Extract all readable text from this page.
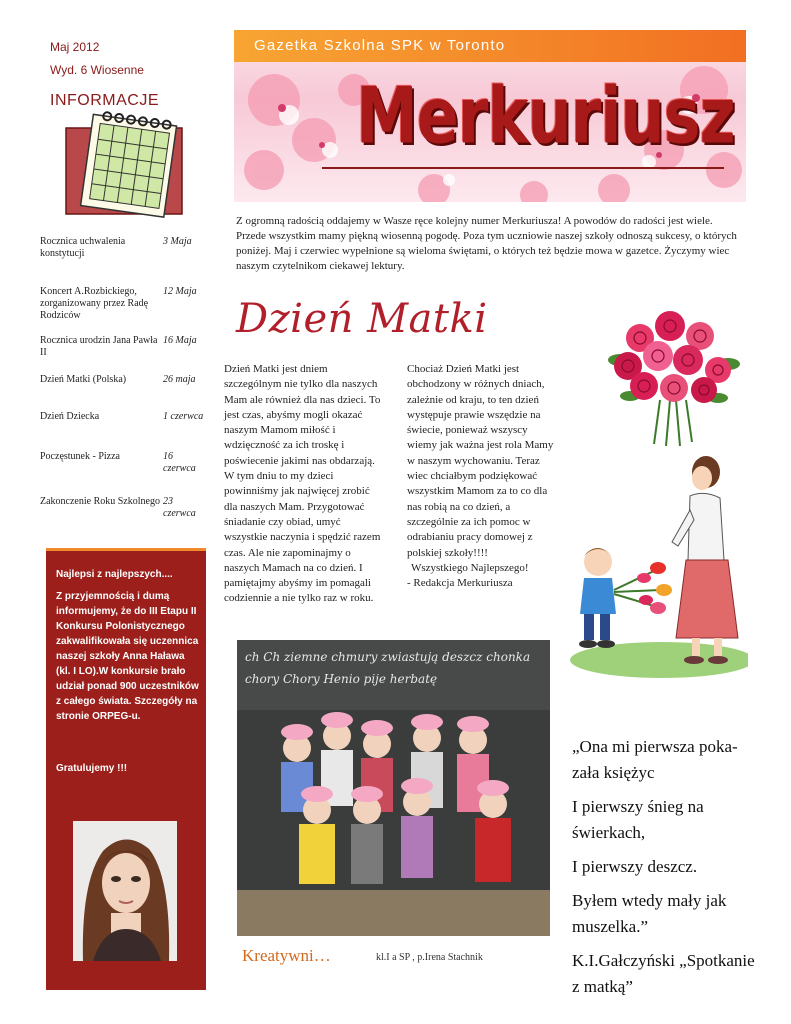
Maj 2012
Wyd. 6 Wiosenne
INFORMACJE
Gazetka Szkolna SPK w Toronto
Merkuriusz
Rocznica uchwalenia konstytucji
3 Maja
Koncert A.Rozbickiego, zorganizowany przez Radę Rodziców
12 Maja
Rocznica urodzin Jana Pawła II
16 Maja
Dzień Matki (Polska)	26 maja
Dzień Dziecka	1 czerwca
Poczęstunek - Pizza	16 czerwca
Zakonczenie Roku Szkolnego 23 czerwca
Najlepsi z najlepszych....
Z przyjemnością i dumą informujemy, że do III Etapu II Konkursu Polonistycznego zakwalifikowała się uczennica naszej szkoły Anna Haława (kl. I LO).W konkursie brało udział ponad 900 uczestników z całego świata. Szczegóły na stronie ORPEG-u.
Gratulujemy !!!
Z ogromną radością oddajemy w Wasze ręce kolejny numer Merkuriusza! A powodów do radości jest wiele. Przede wszystkim mamy piękną wiosenną pogodę. Poza tym uczniowie naszej szkoły odnoszą sukcesy, o których poniżej. Maj i czerwiec wypełnione są wieloma świętami, o których też będzie mowa w gazetce. Życzymy wiec naszym czytelnikom ciekawej lektury.
Dzień Matki
Dzień Matki jest dniem szczególnym nie tylko dla naszych Mam ale również dla nas dzieci. To jest czas, abyśmy mogli okazać naszym Mamom miłość i wdzięczność za ich troskę i poświecenie jakimi nas obdarzają. W tym dniu to my dzieci powinniśmy jak najwięcej zrobić dla naszych Mam. Przygotować śniadanie czy obiad, umyć wszystkie naczynia i spędzić razem czas. Ale nie zapominajmy o naszych Mamach na co dzień. I pamiętajmy abyśmy im pomagali codziennie a nie tylko raz w roku.
Chociaż Dzień Matki jest obchodzony w różnych dniach, zależnie od kraju, to ten dzień występuje prawie wszędzie na świecie, ponieważ wszyscy wiemy jak ważna jest rola Mamy w naszym wychowaniu. Teraz wiec chciałbym podziękować wszystkim Mamom za to co dla nas robią na co dzień, a szczególnie za ich pomoc w odrabianiu pracy domowej z polskiej szkoły!!!!
Wszystkiego Najlepszego!
- Redakcja Merkuriusza
ch Ch ziemne chmury zwiastują deszcz chonka chory Chory Henio pije herbatę
Kreatywni…	kl.I a SP , p.Irena Stachnik
„Ona mi pierwsza poka-
zała księżyc
I pierwszy śnieg na
świerkach,
I pierwszy deszcz.
Byłem wtedy mały jak
muszelka.”
K.I.Gałczyński „Spotkanie
z matką”
